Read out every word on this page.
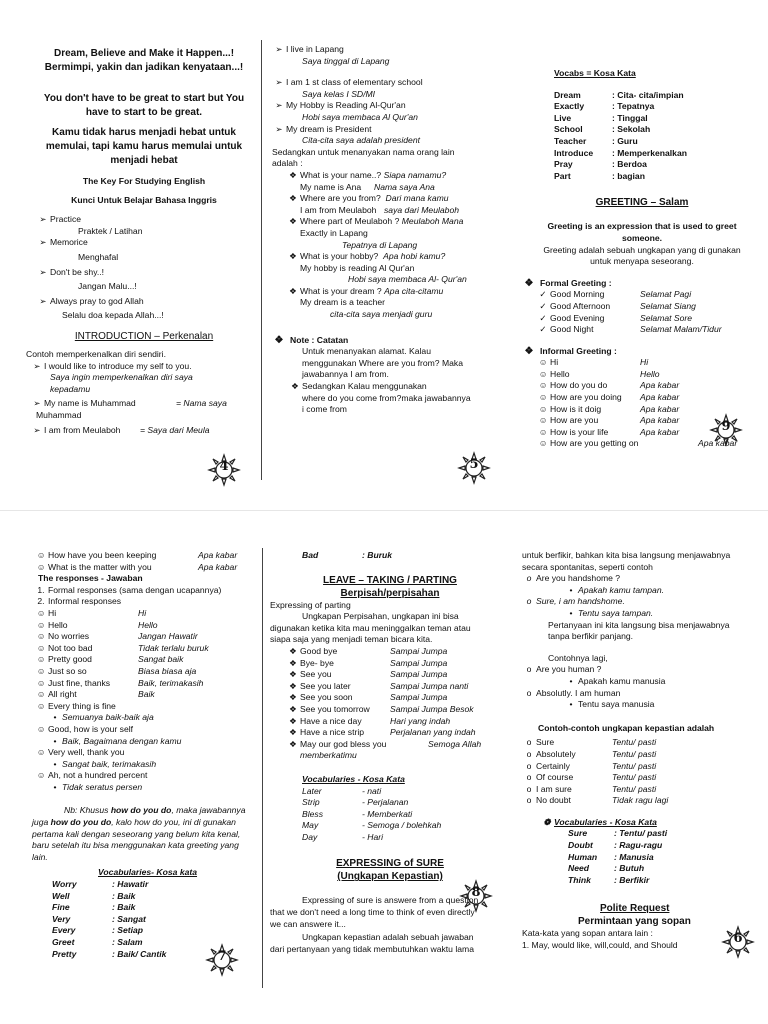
Dream, Believe and Make it Happen...!
Bermimpi, yakin dan jadikan kenyataan...!
You don't have to be great to start but You
have to start to be great.
Kamu tidak harus menjadi hebat untuk
memulai, tapi kamu harus memulai untuk
menjadi hebat
The Key For Studying English
Kunci Untuk Belajar Bahasa Inggris
➢ Practice
Praktek / Latihan
➢ Memorice
Menghafal
➢ Don't be shy..!
Jangan Malu...!
➢ Always pray to god Allah
Selalu doa kepada Allah...!
INTRODUCTION – Perkenalan
Contoh memperkenalkan diri sendiri.
➢ I would like to introduce my self to you.
Saya ingin memperkenalkan diri saya
kepadamu
➢ My name is Muhammad	= Nama saya
Muhammad
➢ I am from Meulaboh	= Saya dari Meula
4
➢ I live in Lapang
Saya tinggal di Lapang
➢ I am 1 st class of elementary school
Saya kelas I SD/MI
➢ My Hobby is Reading Al-Qur'an
Hobi saya membaca Al Qur'an
➢ My dream is President
Cita-cita saya adalah president
Sedangkan untuk menanyakan nama orang lain
adalah :
❖ What is your name..?
Siapa namamu?
My name is Ana	Nama saya Ana
❖ Where are you from?
Dari mana kamu
I am from Meulaboh saya dari Meulaboh
❖ Where part of Meulaboh ?
Meulaboh Mana
Exactly in Lapang
Tepatnya di Lapang
❖ What is your hobby?
Apa hobi kamu?
My hobby is reading Al Qur'an
Hobi saya membaca Al- Qur'an
❖ What is your dream ?
Apa cita-citamu
My dream is a teacher
cita-cita saya menjadi guru
❖ Note : Catatan
Untuk menanyakan alamat. Kalau
menggunakan Where are you from? Maka
jawabannya I am from.
❖ Sedangkan Kalau menggunakan
where do you come from?maka jawabannya
i come from
5
Vocabs = Kosa Kata
Dream	: Cita- cita/impian
Exactly	: Tepatnya
Live	: Tinggal
School	: Sekolah
Teacher	: Guru
Introduce	: Memperkenalkan
Pray	: Berdoa
Part	: bagian
GREETING – Salam
Greeting is an expression that is used to greet
someone.
Greeting adalah sebuah ungkapan yang di gunakan
untuk menyapa seseorang.
❖ Formal Greeting :
✓ Good Morning	Selamat Pagi
✓ Good Afternoon	Selamat Siang
✓ Good Evening	Selamat Sore
✓ Good Night	Selamat Malam/Tidur
❖ Informal Greeting :
☺ Hi	Hi
☺ Hello	Hello
☺ How do you do	Apa kabar
☺ How are you doing	Apa kabar
☺ How is it doig	Apa kabar
☺ How are you	Apa kabar
☺ How is your life	Apa kabar
☺ How are you getting on	Apa kabar
9
☺ How have you been keeping	Apa kabar
☺ What is the matter with you	Apa kabar
The responses - Jawaban
1. Formal responses (sama dengan ucapannya)
2. Informal responses
☺ Hi	Hi
☺ Hello	Hello
☺ No worries	Jangan Hawatir
☺ Not too bad	Tidak terlalu buruk
☺ Pretty good	Sangat baik
☺ Just so so	Biasa biasa aja
☺ Just fine, thanks	Baik, terimakasih
☺ All right	Baik
☺ Every thing is fine
• Semuanya baik-baik aja
☺ Good, how is your self
• Baik, Bagaimana dengan kamu
☺ Very well, thank you
• Sangat baik, terimakasih
☺ Ah, not a hundred percent
• Tidak seratus persen
Nb: Khusus how do you do, maka jawabannya
juga how do you do, kalo how do you, ini di gunakan
pertama kali dengan seseorang yang belum kita kenal,
baru setelah itu bisa menggunakan kata greeting yang
lain.
Vocabularies- Kosa kata
Worry	: Hawatir
Well	: Baik
Fine	: Baik
Very	: Sangat
Every	: Setiap
Greet	: Salam
Pretty	: Baik/ Cantik	7
Bad	: Buruk
LEAVE – TAKING / PARTING
Berpisah/perpisahan
Expressing of parting
Ungkapan Perpisahan, ungkapan ini bisa
digunakan ketika kita mau meninggalkan teman atau
siapa saja yang menjadi teman bicara kita.
❖ Good bye	Sampai Jumpa
❖ Bye- bye	Sampai Jumpa
❖ See you	Sampai Jumpa
❖ See you later	Sampai Jumpa nanti
❖ See you soon	Sampai Jumpa
❖ See you tomorrow	Sampai Jumpa Besok
❖ Have a nice day	Hari yang indah
❖ Have a nice strip	Perjalanan yang indah
❖ May our god bless you	Semoga Allah
memberkatimu
Vocabularies - Kosa Kata
Later	- nati
Strip	- Perjalanan
Bless	- Memberkati
May	- Semoga / bolehkah
Day	- Hari
EXPRESSING of SURE
(Ungkapan Kepastian)
Expressing of sure is answere from a question
that we don't need a long time to think of even directly
we can answere it...
Ungkapan kepastian adalah sebuah jawaban
dari pertanyaan yang tidak membutuhkan waktu lama
8
untuk berfikir, bahkan kita bisa langsung menjawabnya
secara spontanitas, seperti contoh
o Are you handshome ?
• Apakah kamu tampan.
o Sure, i am handshome.
• Tentu saya tampan.
Pertanyaan ini kita langsung bisa menjawabnya
tanpa berfikir panjang.
Contohnya lagi,
o Are you human ?
• Apakah kamu manusia
o Absolutly. I am human
• Tentu saya manusia
Contoh-contoh ungkapan kepastian adalah
o Sure	Tentu/ pasti
o Absolutely	Tentu/ pasti
o Certainly	Tentu/ pasti
o Of course	Tentu/ pasti
o I am sure	Tentu/ pasti
o No doubt	Tidak ragu lagi
❁ Vocabularies - Kosa Kata
Sure	: Tentu/ pasti
Doubt	: Ragu-ragu
Human	: Manusia
Need	: Butuh
Think	: Berfikir
Polite Request
Permintaan yang sopan
Kata-kata yang sopan antara lain :
1. May, would like, will,could, and Should	6
